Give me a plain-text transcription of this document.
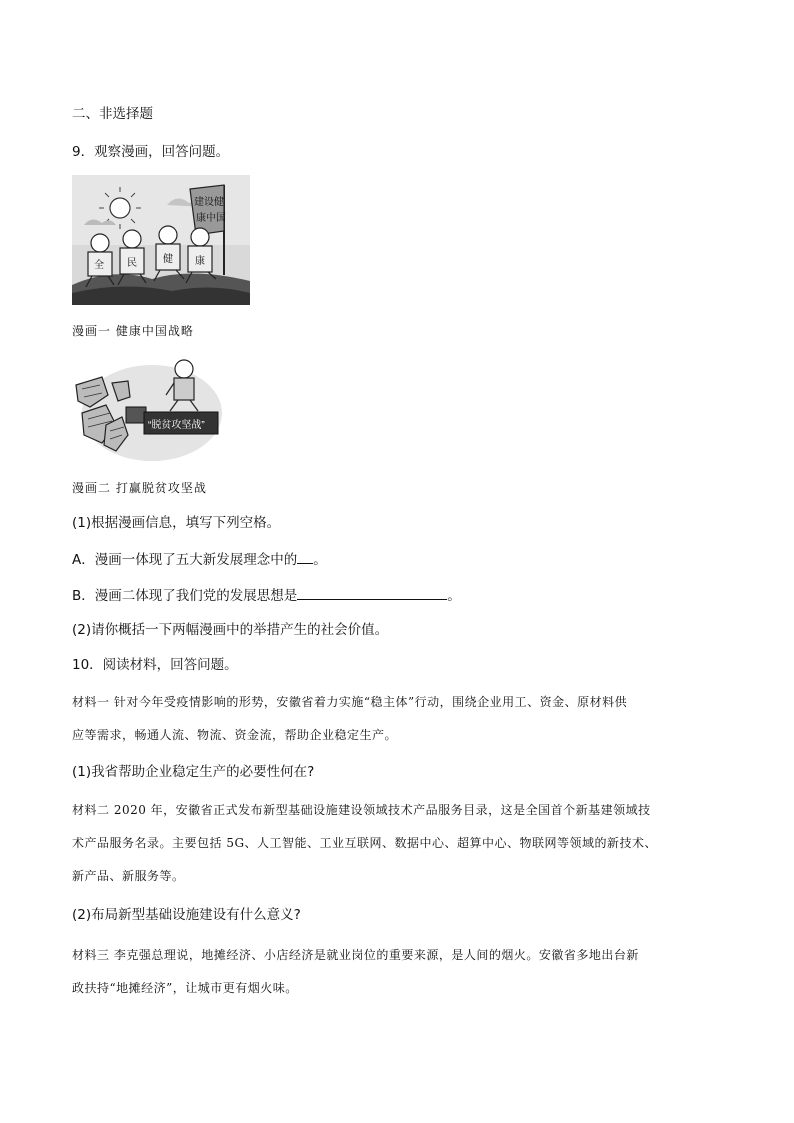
二、非选择题
9．观察漫画，回答问题。
建设健
康中国
全 民	健 康
漫画一 健康中国战略
“脱贫攻坚战”
漫画二 打赢脱贫攻坚战
(1)根据漫画信息，填写下列空格。
A．漫画一体现了五大新发展理念中的 。
B．漫画二体现了我们党的发展思想是	。
(2)请你概括一下两幅漫画中的举措产生的社会价值。
10．阅读材料，回答问题。
材料一 针对今年受疫情影响的形势，安徽省着力实施“稳主体”行动，围绕企业用工、资金、原材料供
应等需求，畅通人流、物流、资金流，帮助企业稳定生产。
(1)我省帮助企业稳定生产的必要性何在?
材料二 2020 年，安徽省正式发布新型基础设施建设领域技术产品服务目录，这是全国首个新基建领域技
术产品服务名录。主要包括 5G、人工智能、工业互联网、数据中心、超算中心、物联网等领域的新技术、
新产品、新服务等。
(2)布局新型基础设施建设有什么意义?
材料三 李克强总理说，地摊经济、小店经济是就业岗位的重要来源，是人间的烟火。安徽省多地出台新
政扶持“地摊经济”，让城市更有烟火味。
